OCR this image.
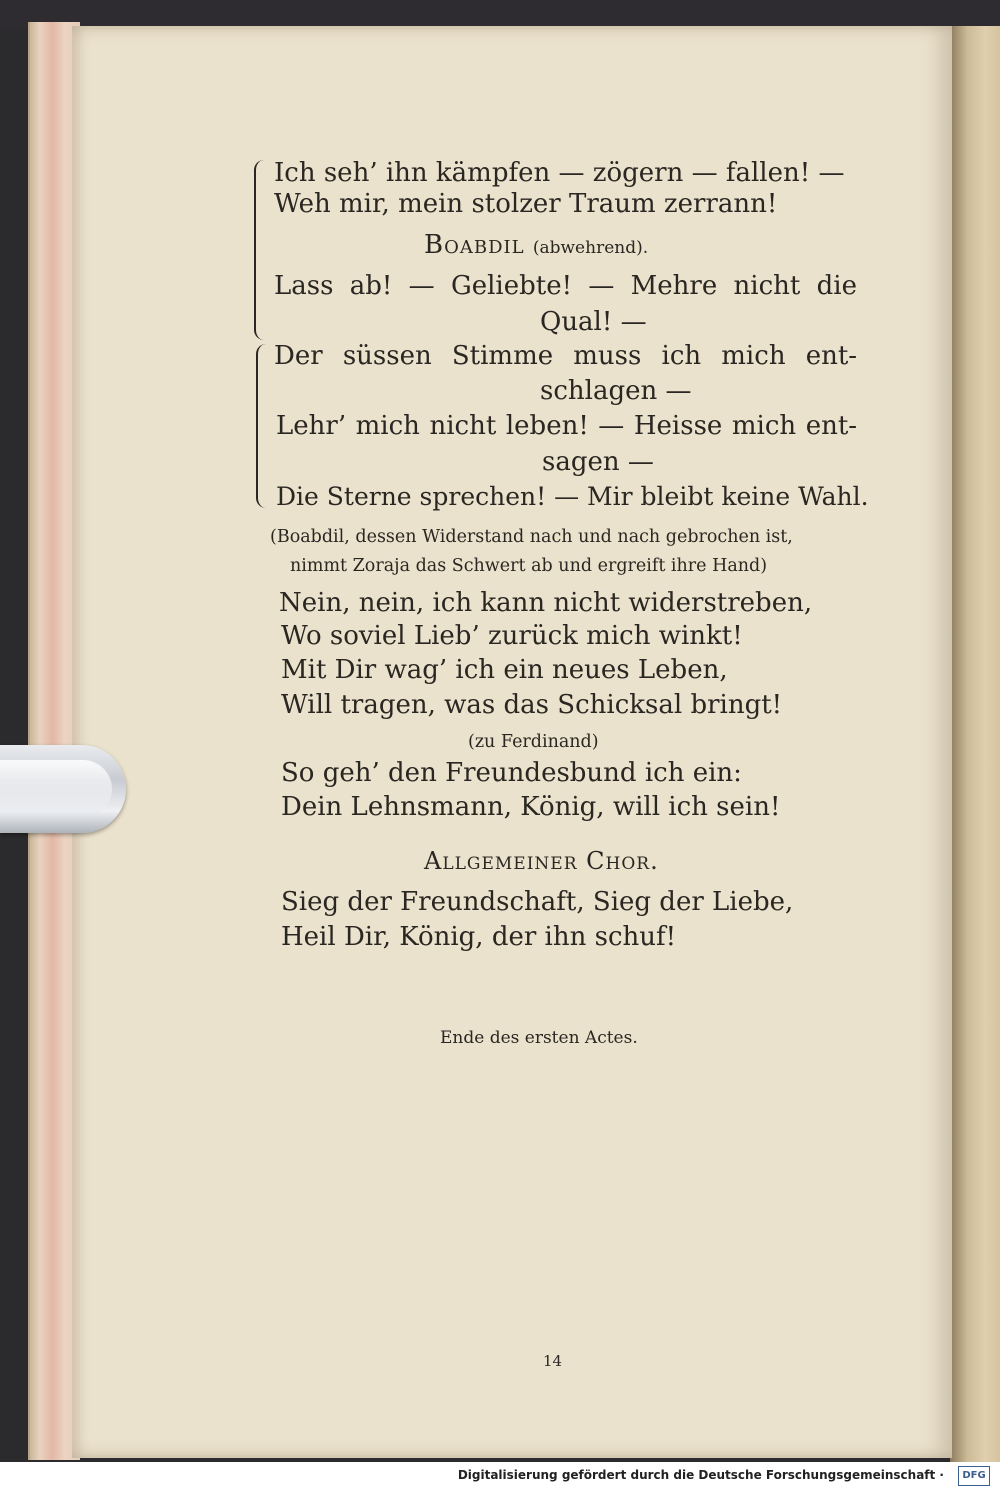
Ich seh’ ihn kämpfen — zögern — fallen! —
Weh mir, mein stolzer Traum zerrann!
Boabdil (abwehrend).
Lass ab! — Geliebte! — Mehre nicht die
Qual! —
Der süssen Stimme muss ich mich ent-
schlagen —
Lehr’ mich nicht leben! — Heisse mich ent-
sagen —
Die Sterne sprechen! — Mir bleibt keine Wahl.
(Boabdil, dessen Widerstand nach und nach gebrochen ist,
nimmt Zoraja das Schwert ab und ergreift ihre Hand)
Nein, nein, ich kann nicht widerstreben,
Wo soviel Lieb’ zurück mich winkt!
Mit Dir wag’ ich ein neues Leben,
Will tragen, was das Schicksal bringt!
(zu Ferdinand)
So geh’ den Freundesbund ich ein:
Dein Lehnsmann, König, will ich sein!
Allgemeiner Chor.
Sieg der Freundschaft, Sieg der Liebe,
Heil Dir, König, der ihn schuf!
Ende des ersten Actes.
14
Digitalisierung gefördert durch die Deutsche Forschungsgemeinschaft ·	DFG
